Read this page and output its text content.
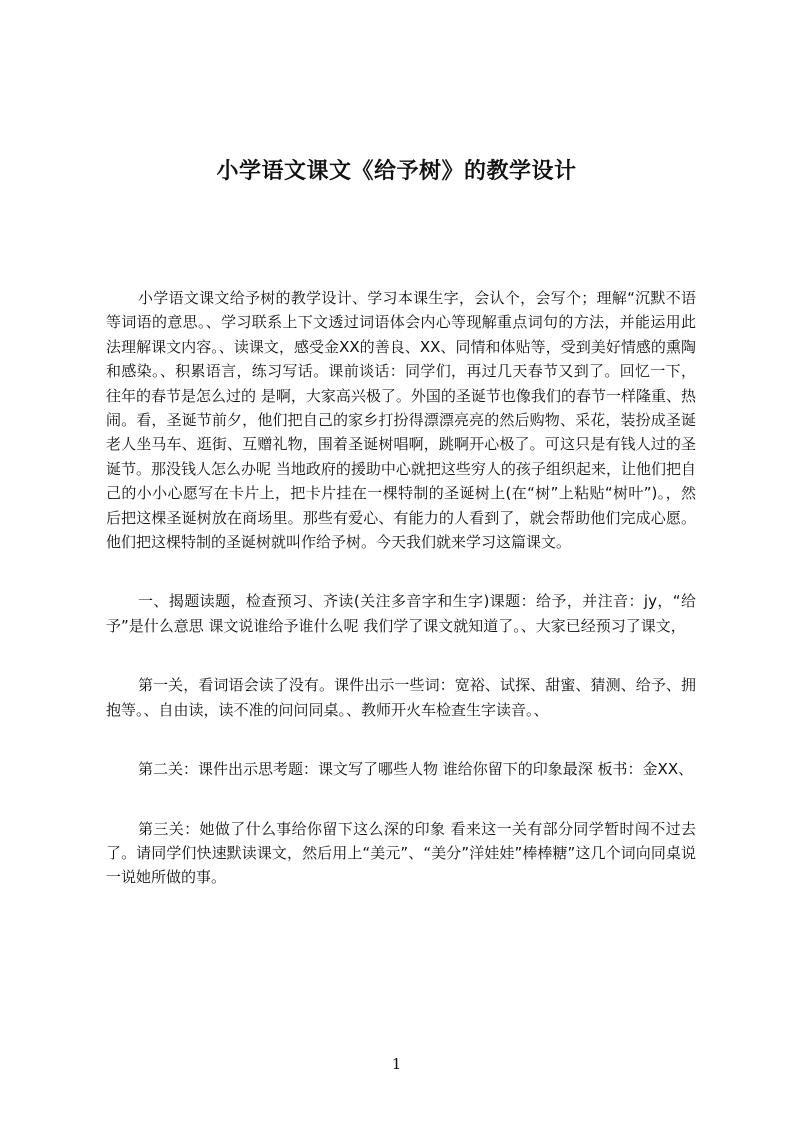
小学语文课文《给予树》的教学设计

小学语文课文给予树的教学设计、学习本课生字，会认个，会写个；理解“沉默不语等词语的意思。、学习联系上下文透过词语体会内心等现解重点词句的方法，并能运用此法理解课文内容。、读课文，感受金XX的善良、XX、同情和体贴等，受到美好情感的熏陶和感染。、积累语言，练习写话。课前谈话：同学们，再过几天春节又到了。回忆一下，往年的春节是怎么过的 是啊，大家高兴极了。外国的圣诞节也像我们的春节一样隆重、热闹。看，圣诞节前夕，他们把自己的家乡打扮得漂漂亮亮的然后购物、采花，装扮成圣诞老人坐马车、逛街、互赠礼物，围着圣诞树唱啊，跳啊开心极了。可这只是有钱人过的圣诞节。那没钱人怎么办呢 当地政府的援助中心就把这些穷人的孩子组织起来，让他们把自己的小小心愿写在卡片上，把卡片挂在一棵特制的圣诞树上(在“树”上粘贴“树叶”)。，然后把这棵圣诞树放在商场里。那些有爱心、有能力的人看到了，就会帮助他们完成心愿。他们把这棵特制的圣诞树就叫作给予树。今天我们就来学习这篇课文。

一、揭题读题，检查预习、齐读(关注多音字和生字)课题：给予，并注音：jy，“给予”是什么意思 课文说谁给予谁什么呢 我们学了课文就知道了。、大家已经预习了课文，

第一关，看词语会读了没有。课件出示一些词：宽裕、试探、甜蜜、猜测、给予、拥抱等。、自由读，读不准的问问同桌。、教师开火车检查生字读音。、

第二关：课件出示思考题：课文写了哪些人物 谁给你留下的印象最深 板书：金XX、

第三关：她做了什么事给你留下这么深的印象 看来这一关有部分同学暂时闯不过去了。请同学们快速默读课文，然后用上“美元”、“美分”洋娃娃”棒棒糖”这几个词向同桌说一说她所做的事。

1
